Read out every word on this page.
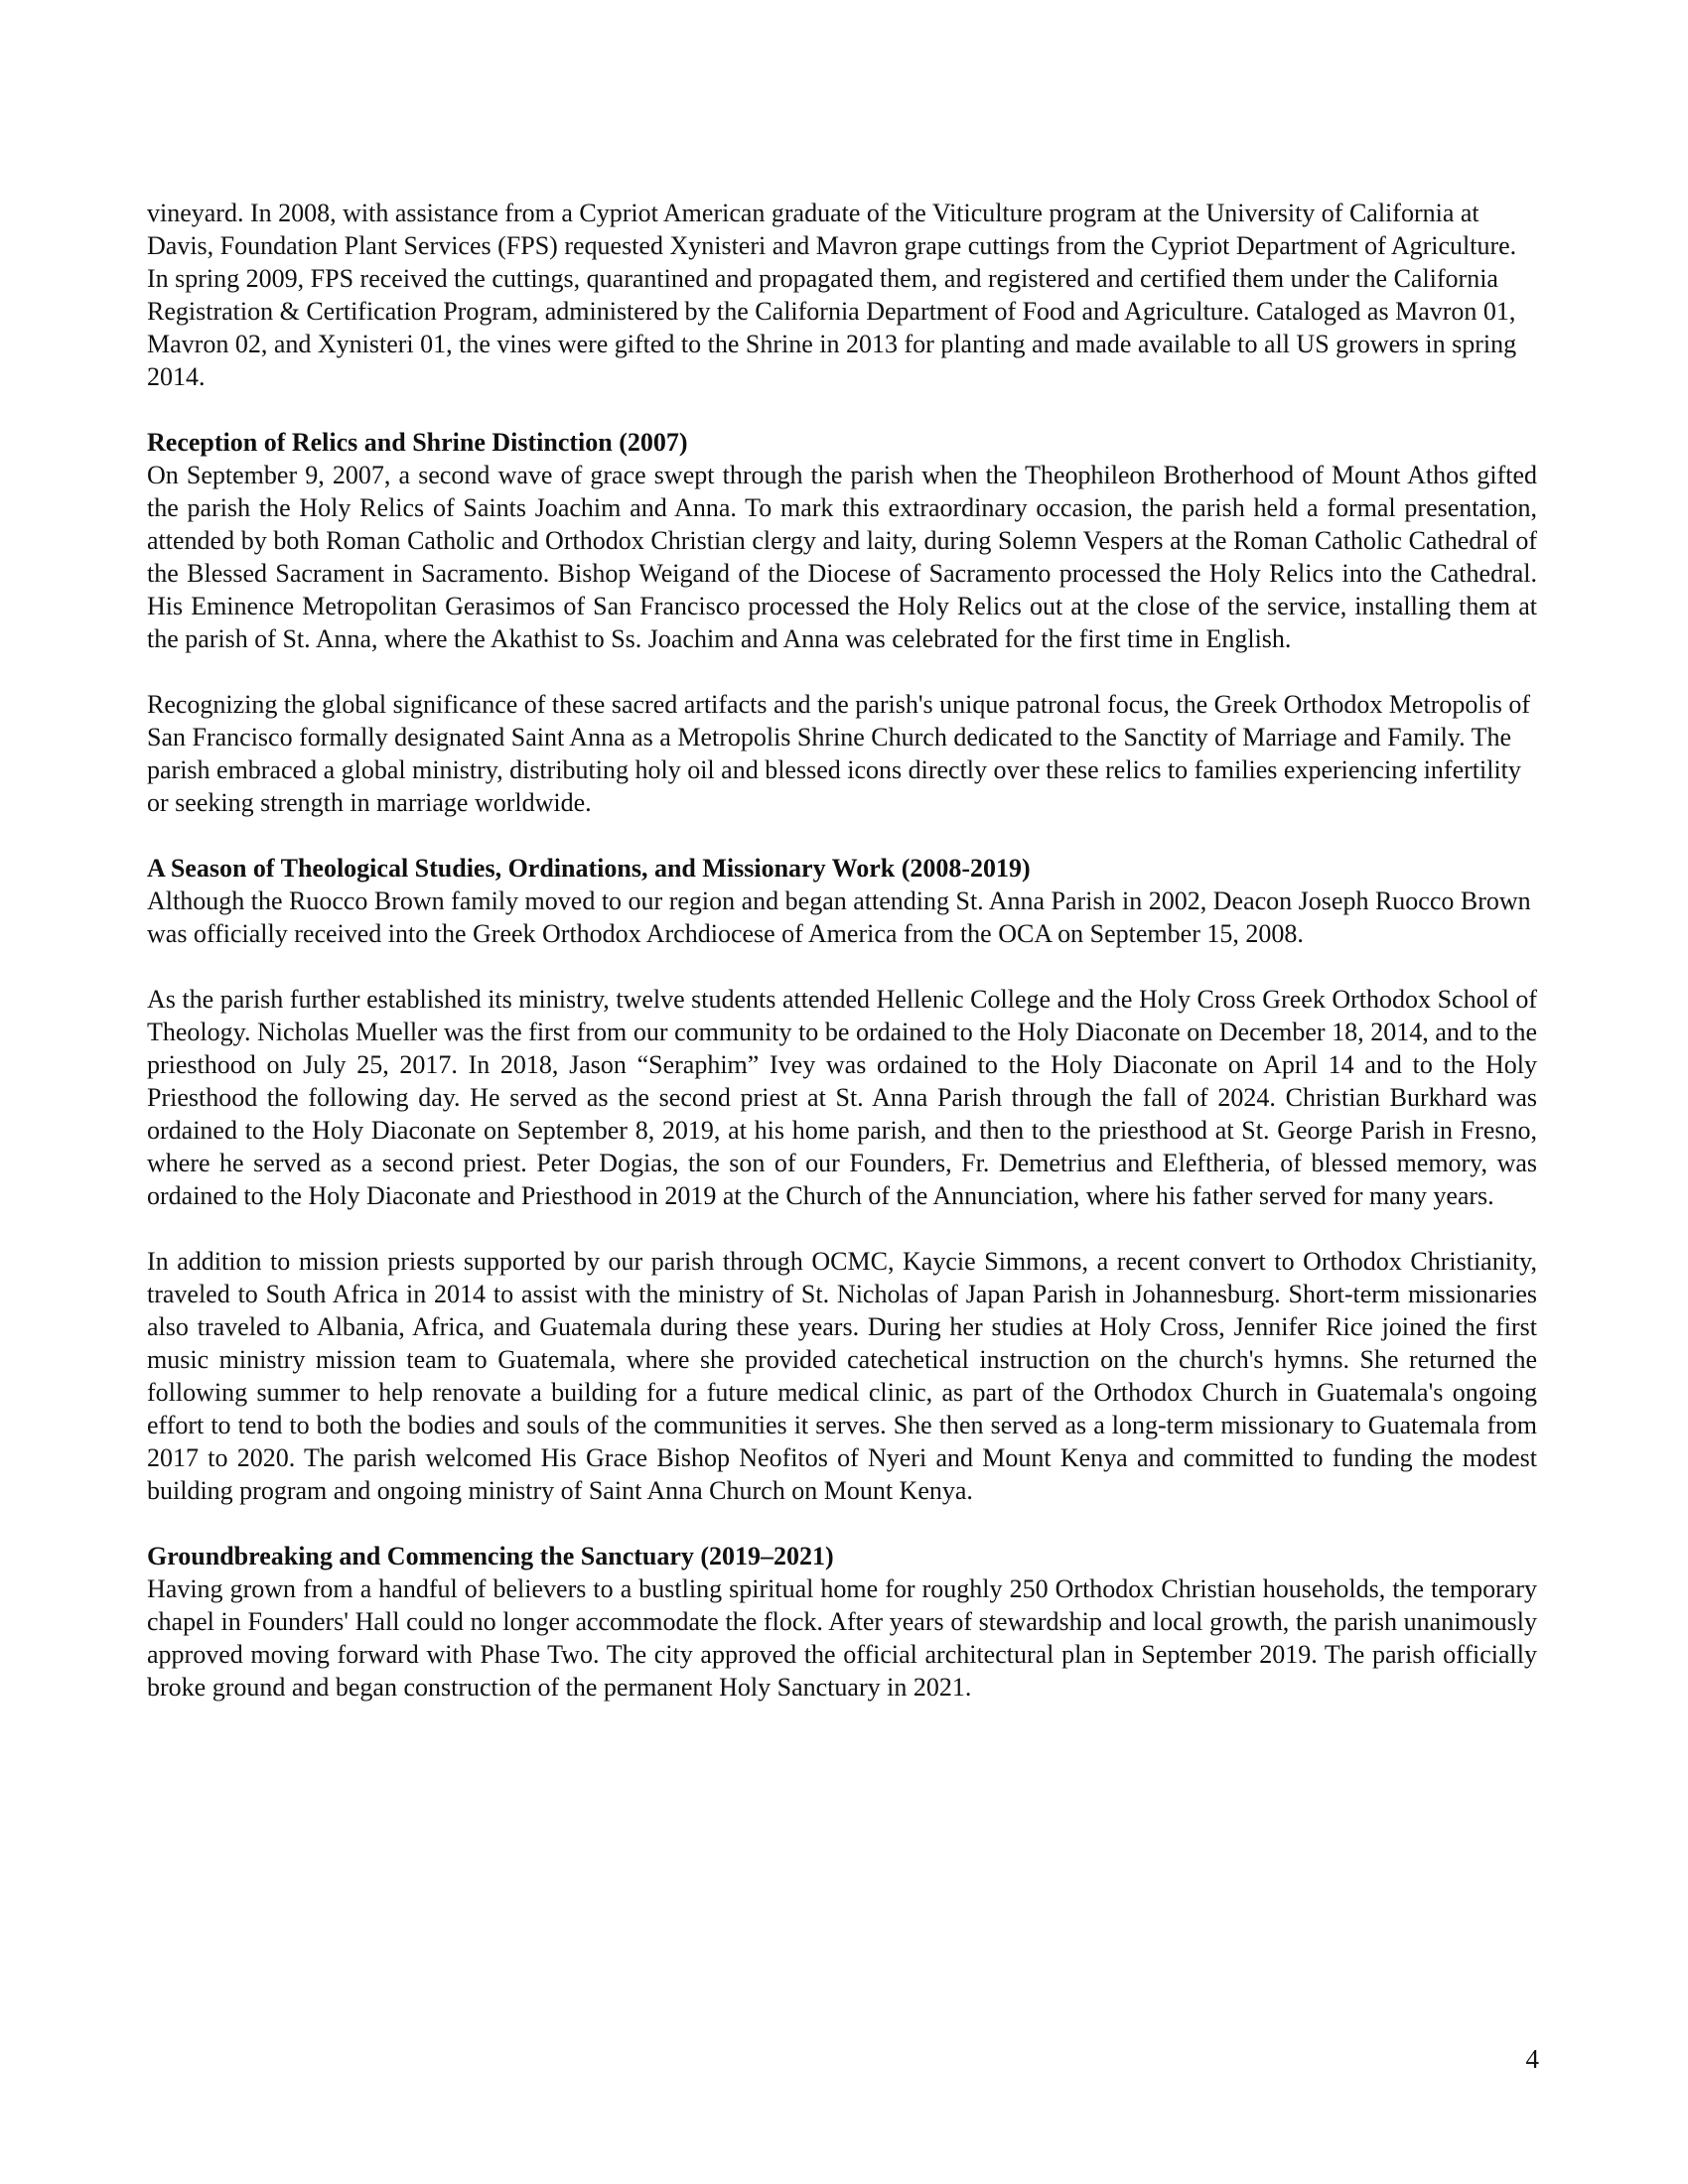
vineyard. In 2008, with assistance from a Cypriot American graduate of the Viticulture program at the University of California at Davis, Foundation Plant Services (FPS) requested Xynisteri and Mavron grape cuttings from the Cypriot Department of Agriculture. In spring 2009, FPS received the cuttings, quarantined and propagated them, and registered and certified them under the California Registration & Certification Program, administered by the California Department of Food and Agriculture. Cataloged as Mavron 01, Mavron 02, and Xynisteri 01, the vines were gifted to the Shrine in 2013 for planting and made available to all US growers in spring 2014.

Reception of Relics and Shrine Distinction (2007)

On September 9, 2007, a second wave of grace swept through the parish when the Theophileon Brotherhood of Mount Athos gifted the parish the Holy Relics of Saints Joachim and Anna. To mark this extraordinary occasion, the parish held a formal presentation, attended by both Roman Catholic and Orthodox Christian clergy and laity, during Solemn Vespers at the Roman Catholic Cathedral of the Blessed Sacrament in Sacramento. Bishop Weigand of the Diocese of Sacramento processed the Holy Relics into the Cathedral. His Eminence Metropolitan Gerasimos of San Francisco processed the Holy Relics out at the close of the service, installing them at the parish of St. Anna, where the Akathist to Ss. Joachim and Anna was celebrated for the first time in English.

Recognizing the global significance of these sacred artifacts and the parish's unique patronal focus, the Greek Orthodox Metropolis of San Francisco formally designated Saint Anna as a Metropolis Shrine Church dedicated to the Sanctity of Marriage and Family. The parish embraced a global ministry, distributing holy oil and blessed icons directly over these relics to families experiencing infertility or seeking strength in marriage worldwide.

A Season of Theological Studies, Ordinations, and Missionary Work (2008-2019)

Although the Ruocco Brown family moved to our region and began attending St. Anna Parish in 2002, Deacon Joseph Ruocco Brown was officially received into the Greek Orthodox Archdiocese of America from the OCA on September 15, 2008.

As the parish further established its ministry, twelve students attended Hellenic College and the Holy Cross Greek Orthodox School of Theology. Nicholas Mueller was the first from our community to be ordained to the Holy Diaconate on December 18, 2014, and to the priesthood on July 25, 2017. In 2018, Jason “Seraphim” Ivey was ordained to the Holy Diaconate on April 14 and to the Holy Priesthood the following day. He served as the second priest at St. Anna Parish through the fall of 2024. Christian Burkhard was ordained to the Holy Diaconate on September 8, 2019, at his home parish, and then to the priesthood at St. George Parish in Fresno, where he served as a second priest. Peter Dogias, the son of our Founders, Fr. Demetrius and Eleftheria, of blessed memory, was ordained to the Holy Diaconate and Priesthood in 2019 at the Church of the Annunciation, where his father served for many years.

In addition to mission priests supported by our parish through OCMC, Kaycie Simmons, a recent convert to Orthodox Christianity, traveled to South Africa in 2014 to assist with the ministry of St. Nicholas of Japan Parish in Johannesburg. Short-term missionaries also traveled to Albania, Africa, and Guatemala during these years. During her studies at Holy Cross, Jennifer Rice joined the first music ministry mission team to Guatemala, where she provided catechetical instruction on the church's hymns. She returned the following summer to help renovate a building for a future medical clinic, as part of the Orthodox Church in Guatemala's ongoing effort to tend to both the bodies and souls of the communities it serves. She then served as a long-term missionary to Guatemala from 2017 to 2020. The parish welcomed His Grace Bishop Neofitos of Nyeri and Mount Kenya and committed to funding the modest building program and ongoing ministry of Saint Anna Church on Mount Kenya.

Groundbreaking and Commencing the Sanctuary (2019–2021)

Having grown from a handful of believers to a bustling spiritual home for roughly 250 Orthodox Christian households, the temporary chapel in Founders' Hall could no longer accommodate the flock. After years of stewardship and local growth, the parish unanimously approved moving forward with Phase Two. The city approved the official architectural plan in September 2019. The parish officially broke ground and began construction of the permanent Holy Sanctuary in 2021.

4
